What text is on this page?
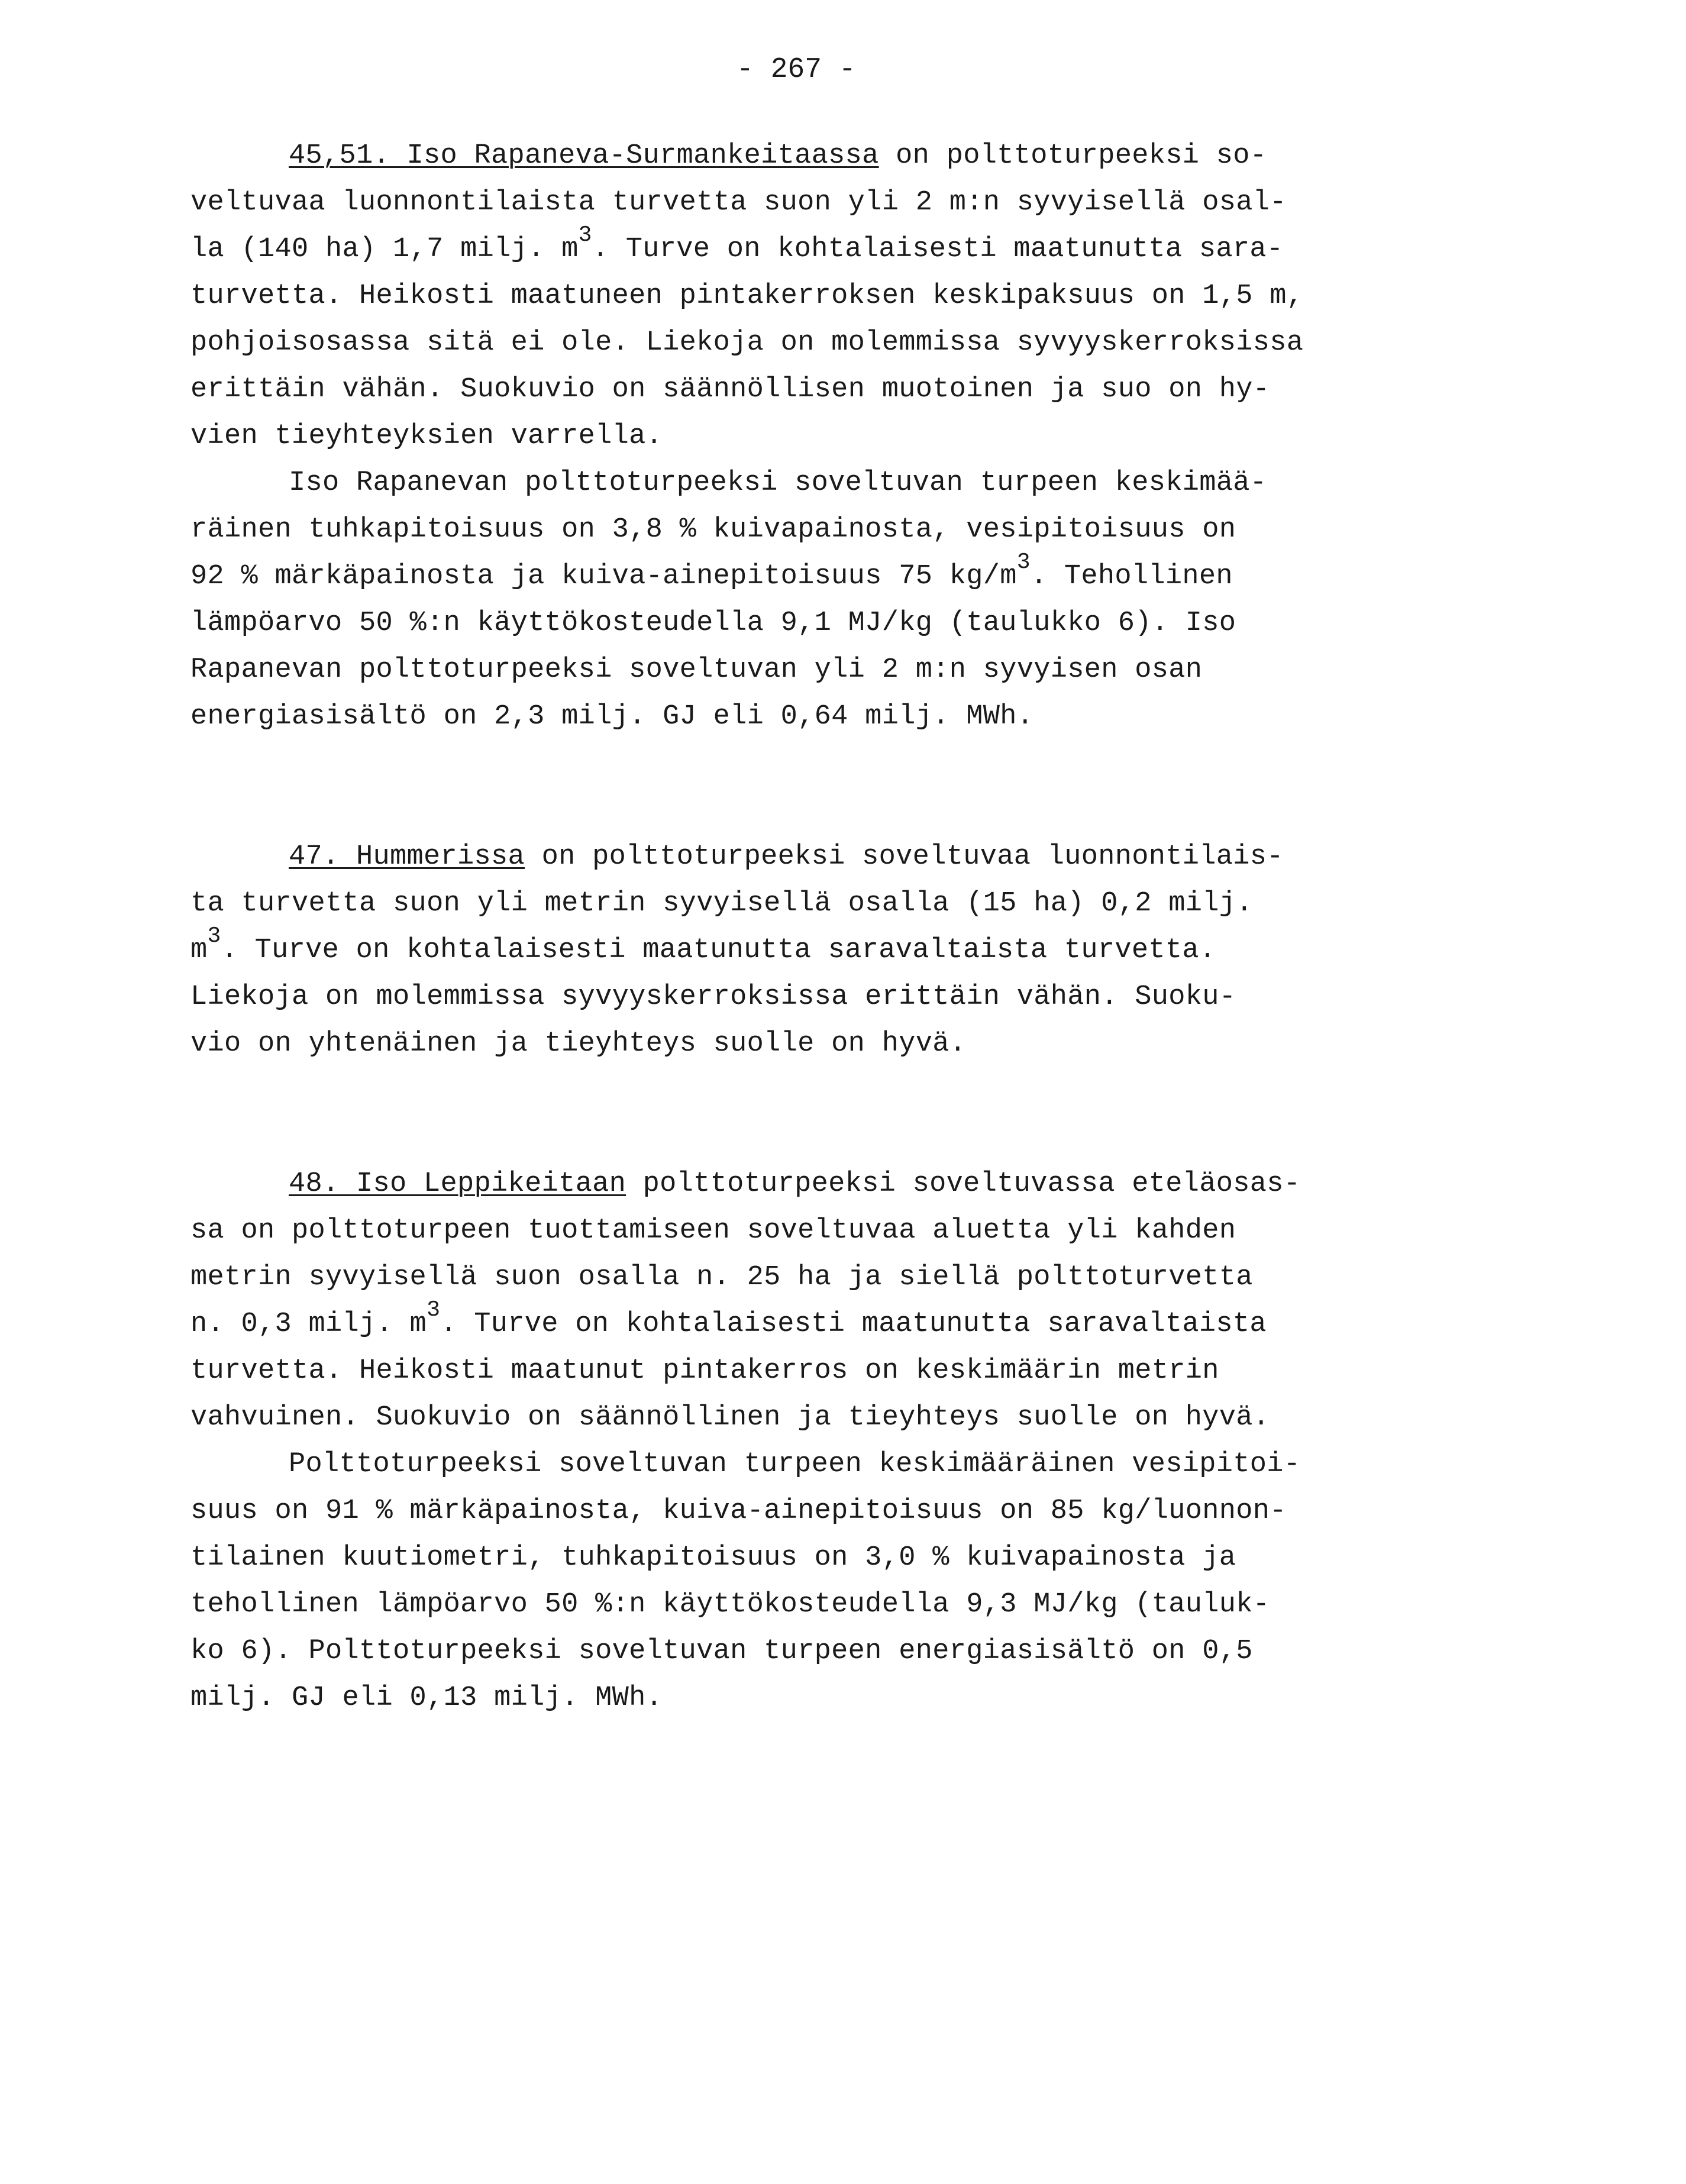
- 267 -
45,51. Iso Rapaneva-Surmankeitaassa on polttoturpeeksi so-
veltuvaa luonnontilaista turvetta suon yli 2 m:n syvyisellä osal-
la (140 ha) 1,7 milj. $m^3$. Turve on kohtalaisesti maatunutta sara-
turvetta. Heikosti maatuneen pintakerroksen keskipaksuus on 1,5 m,
pohjoisosassa sitä ei ole. Liekoja on molemmissa syvyyskerroksissa
erittäin vähän. Suokuvio on säännöllisen muotoinen ja suo on hy-
vien tieyhteyksien varrella.
Iso Rapanevan polttoturpeeksi soveltuvan turpeen keskimää-
räinen tuhkapitoisuus on 3,8 % kuivapainosta, vesipitoisuus on
92 % märkäpainosta ja kuiva-ainepitoisuus 75 $kg/m^3$. Tehollinen
lämpöarvo 50 %:n käyttökosteudella 9,1 MJ/kg (taulukko 6). Iso
Rapanevan polttoturpeeksi soveltuvan yli 2 m:n syvyisen osan
energiasisältö on 2,3 milj. GJ eli 0,64 milj. MWh.
47. Hummerissa on polttoturpeeksi soveltuvaa luonnontilais-
ta turvetta suon yli metrin syvyisellä osalla (15 ha) 0,2 milj.
$m^3$. Turve on kohtalaisesti maatunutta saravaltaista turvetta.
Liekoja on molemmissa syvyyskerroksissa erittäin vähän. Suoku-
vio on yhtenäinen ja tieyhteys suolle on hyvä.
48. Iso Leppikeitaan polttoturpeeksi soveltuvassa eteläosas-
sa on polttoturpeen tuottamiseen soveltuvaa aluetta yli kahden
metrin syvyisellä suon osalla n. 25 ha ja siellä polttoturvetta
n. 0,3 milj. $m^3$. Turve on kohtalaisesti maatunutta saravaltaista
turvetta. Heikosti maatunut pintakerros on keskimäärin metrin
vahvuinen. Suokuvio on säännöllinen ja tieyhteys suolle on hyvä.
Polttoturpeeksi soveltuvan turpeen keskimääräinen vesipitoi-
suus on 91 % märkäpainosta, kuiva-ainepitoisuus on 85 kg/luonnon-
tilainen kuutiometri, tuhkapitoisuus on 3,0 % kuivapainosta ja
tehollinen lämpöarvo 50 %:n käyttökosteudella 9,3 MJ/kg (tauluk-
ko 6). Polttoturpeeksi soveltuvan turpeen energiasisältö on 0,5
milj. GJ eli 0,13 milj. MWh.
